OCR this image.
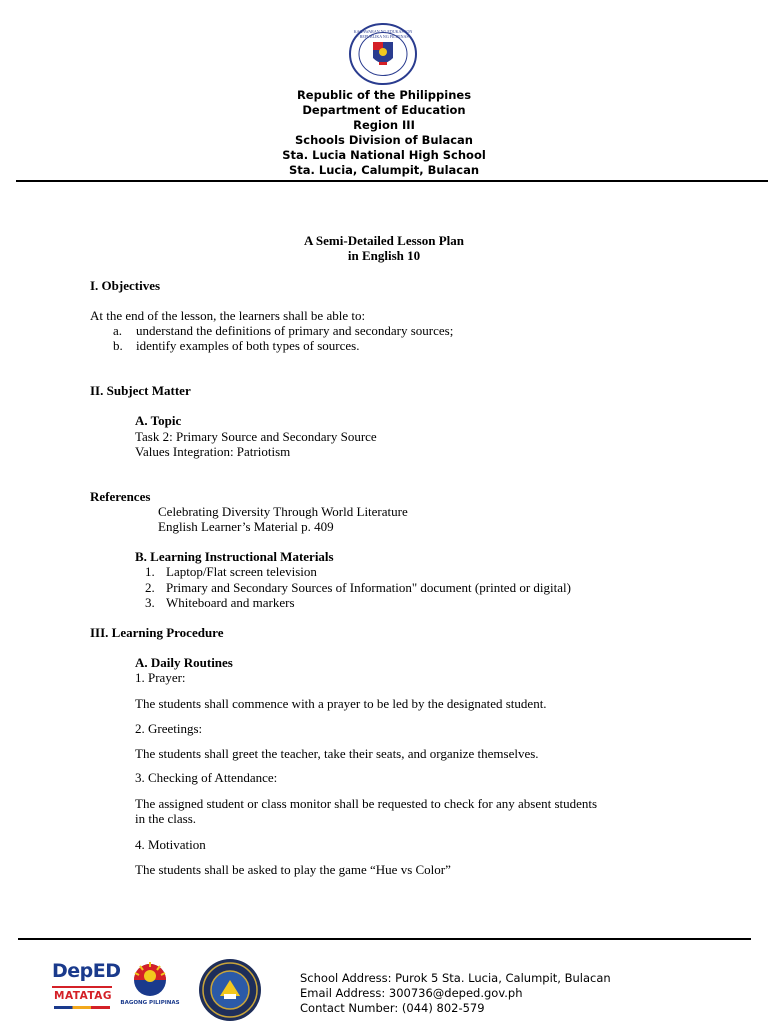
KAGAWARAN NG EDUKASYON · REPUBLIKA NG PILIPINAS
Republic of the Philippines
Department of Education
Region III
Schools Division of Bulacan
Sta. Lucia National High School
Sta. Lucia, Calumpit, Bulacan
A Semi-Detailed Lesson Plan
in English 10
I. Objectives
At the end of the lesson, the learners shall be able to:
a. understand the definitions of primary and secondary sources;
b. identify examples of both types of sources.
II. Subject Matter
A. Topic
Task 2: Primary Source and Secondary Source
Values Integration: Patriotism
References
Celebrating Diversity Through World Literature
English Learner’s Material p. 409
B. Learning Instructional Materials
1. Laptop/Flat screen television
2. Primary and Secondary Sources of Information" document (printed or digital)
3. Whiteboard and markers
III. Learning Procedure
A. Daily Routines
1. Prayer:
The students shall commence with a prayer to be led by the designated student.
2. Greetings:
The students shall greet the teacher, take their seats, and organize themselves.
3. Checking of Attendance:
The assigned student or class monitor shall be requested to check for any absent students
in the class.
4. Motivation
The students shall be asked to play the game “Hue vs Color”
DepED
MATATAG
BAGONG PILIPINAS
School Address: Purok 5 Sta. Lucia, Calumpit, Bulacan
Email Address: 300736@deped.gov.ph
Contact Number: (044) 802-579
